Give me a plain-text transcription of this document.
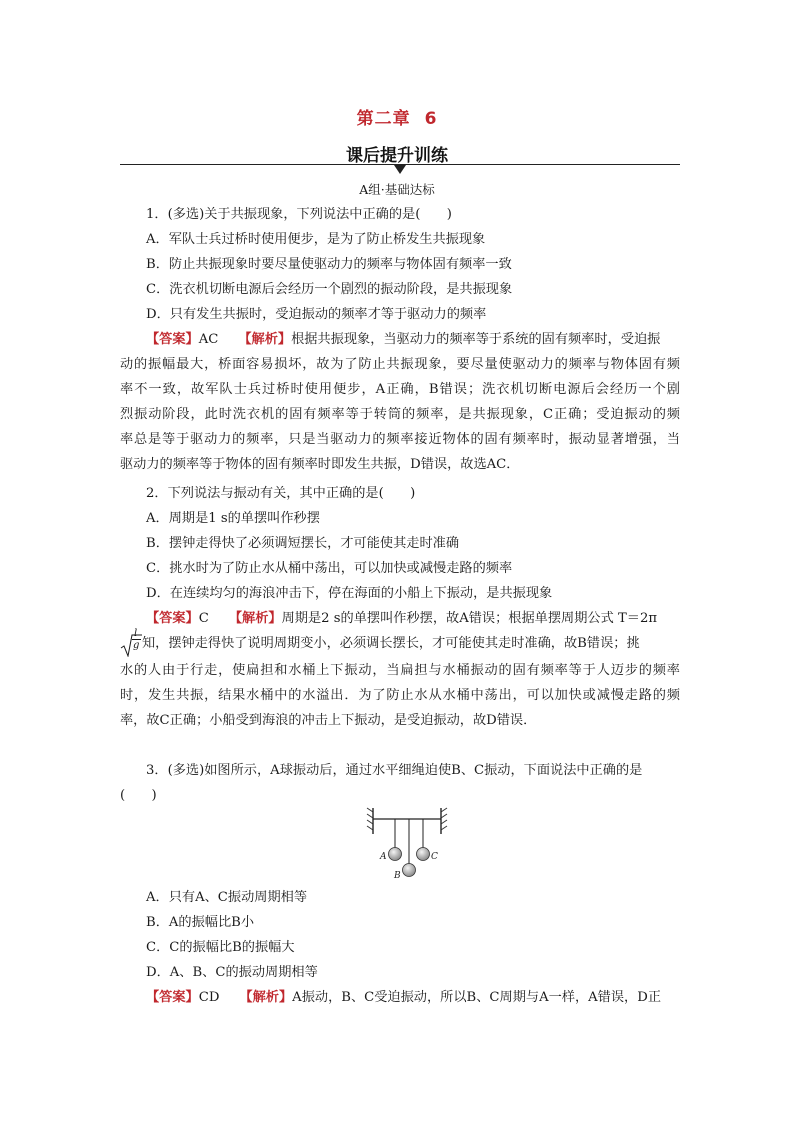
第二章 6
课后提升训练
A组·基础达标
1．(多选)关于共振现象，下列说法中正确的是(　　)
A．军队士兵过桥时使用便步，是为了防止桥发生共振现象
B．防止共振现象时要尽量使驱动力的频率与物体固有频率一致
C．洗衣机切断电源后会经历一个剧烈的振动阶段，是共振现象
D．只有发生共振时，受迫振动的频率才等于驱动力的频率
【答案】AC 【解析】根据共振现象，当驱动力的频率等于系统的固有频率时，受迫振
动的振幅最大，桥面容易损坏，故为了防止共振现象，要尽量使驱动力的频率与物体固有频
率不一致，故军队士兵过桥时使用便步，A正确，B错误；洗衣机切断电源后会经历一个剧
烈振动阶段，此时洗衣机的固有频率等于转筒的频率，是共振现象，C正确；受迫振动的频
率总是等于驱动力的频率，只是当驱动力的频率接近物体的固有频率时，振动显著增强，当
驱动力的频率等于物体的固有频率时即发生共振，D错误，故选AC．
2．下列说法与振动有关，其中正确的是(　　)
A．周期是1 s的单摆叫作秒摆
B．摆钟走得快了必须调短摆长，才可能使其走时准确
C．挑水时为了防止水从桶中荡出，可以加快或减慢走路的频率
D．在连续均匀的海浪冲击下，停在海面的小船上下振动，是共振现象
【答案】C 【解析】周期是2 s的单摆叫作秒摆，故A错误；根据单摆周期公式 T＝2π
l
g 知，摆钟走得快了说明周期变小，必须调长摆长，才可能使其走时准确，故B错误；挑
水的人由于行走，使扁担和水桶上下振动，当扁担与水桶振动的固有频率等于人迈步的频率
时，发生共振，结果水桶中的水溢出．为了防止水从水桶中荡出，可以加快或减慢走路的频
率，故C正确；小船受到海浪的冲击上下振动，是受迫振动，故D错误．
3．(多选)如图所示，A球振动后，通过水平细绳迫使B、C振动，下面说法中正确的是
(　　)
A
B
C
A．只有A、C振动周期相等
B．A的振幅比B小
C．C的振幅比B的振幅大
D．A、B、C的振动周期相等
【答案】CD 【解析】A振动，B、C受迫振动，所以B、C周期与A一样，A错误，D正
